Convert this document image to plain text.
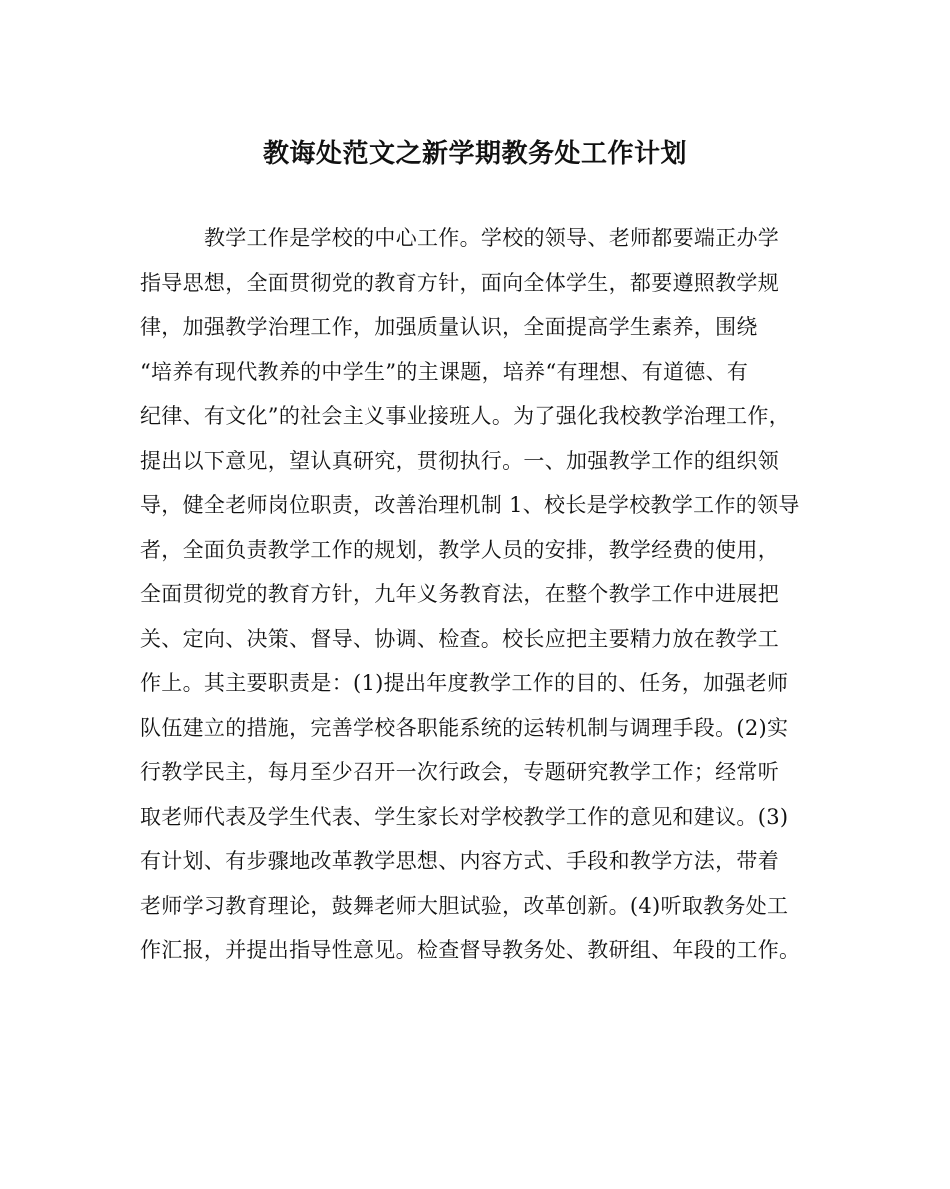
教诲处范文之新学期教务处工作计划
教学工作是学校的中心工作。学校的领导、老师都要端正办学
指导思想，全面贯彻党的教育方针，面向全体学生，都要遵照教学规
律，加强教学治理工作，加强质量认识，全面提高学生素养，围绕
“培养有现代教养的中学生”的主课题，培养“有理想、有道德、有
纪律、有文化”的社会主义事业接班人。为了强化我校教学治理工作，
提出以下意见，望认真研究，贯彻执行。一、加强教学工作的组织领
导，健全老师岗位职责，改善治理机制 1、校长是学校教学工作的领导
者，全面负责教学工作的规划，教学人员的安排，教学经费的使用，
全面贯彻党的教育方针，九年义务教育法，在整个教学工作中进展把
关、定向、决策、督导、协调、检查。校长应把主要精力放在教学工
作上。其主要职责是：(1)提出年度教学工作的目的、任务，加强老师
队伍建立的措施，完善学校各职能系统的运转机制与调理手段。(2)实
行教学民主，每月至少召开一次行政会，专题研究教学工作；经常听
取老师代表及学生代表、学生家长对学校教学工作的意见和建议。(3)
有计划、有步骤地改革教学思想、内容方式、手段和教学方法，带着
老师学习教育理论，鼓舞老师大胆试验，改革创新。(4)听取教务处工
作汇报，并提出指导性意见。检查督导教务处、教研组、年段的工作。
